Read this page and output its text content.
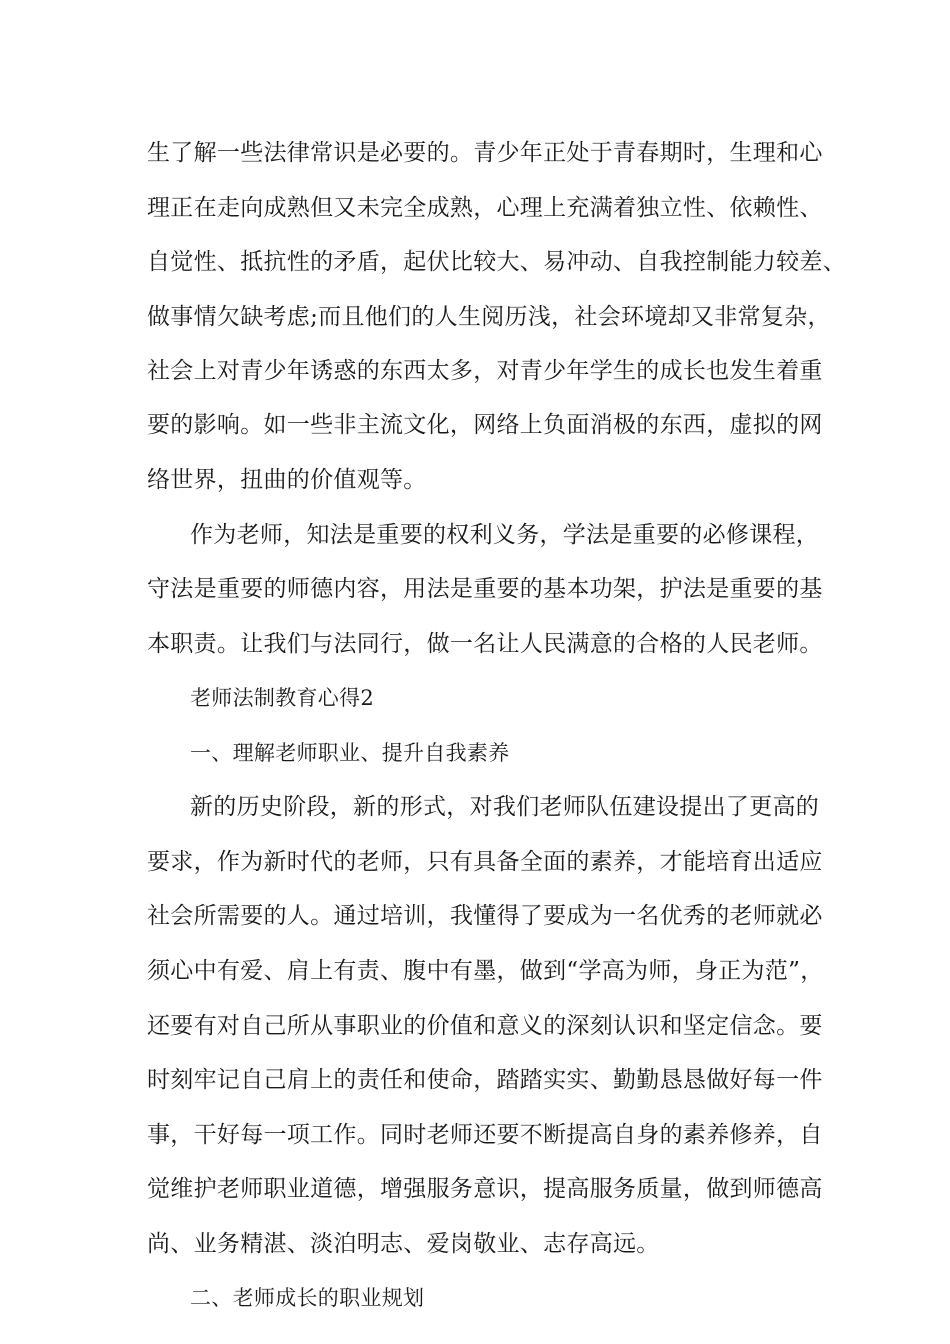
生了解一些法律常识是必要的。青少年正处于青春期时，生理和心
理正在走向成熟但又未完全成熟，心理上充满着独立性、依赖性、
自觉性、抵抗性的矛盾，起伏比较大、易冲动、自我控制能力较差、
做事情欠缺考虑;而且他们的人生阅历浅，社会环境却又非常复杂，
社会上对青少年诱惑的东西太多，对青少年学生的成长也发生着重
要的影响。如一些非主流文化，网络上负面消极的东西，虚拟的网
络世界，扭曲的价值观等。
作为老师，知法是重要的权利义务，学法是重要的必修课程，
守法是重要的师德内容，用法是重要的基本功架，护法是重要的基
本职责。让我们与法同行，做一名让人民满意的合格的人民老师。
老师法制教育心得2
一、理解老师职业、提升自我素养
新的历史阶段，新的形式，对我们老师队伍建设提出了更高的
要求，作为新时代的老师，只有具备全面的素养，才能培育出适应
社会所需要的人。通过培训，我懂得了要成为一名优秀的老师就必
须心中有爱、肩上有责、腹中有墨，做到“学高为师，身正为范”，
还要有对自己所从事职业的价值和意义的深刻认识和坚定信念。要
时刻牢记自己肩上的责任和使命，踏踏实实、勤勤恳恳做好每一件
事，干好每一项工作。同时老师还要不断提高自身的素养修养，自
觉维护老师职业道德，增强服务意识，提高服务质量，做到师德高
尚、业务精湛、淡泊明志、爱岗敬业、志存高远。
二、老师成长的职业规划
